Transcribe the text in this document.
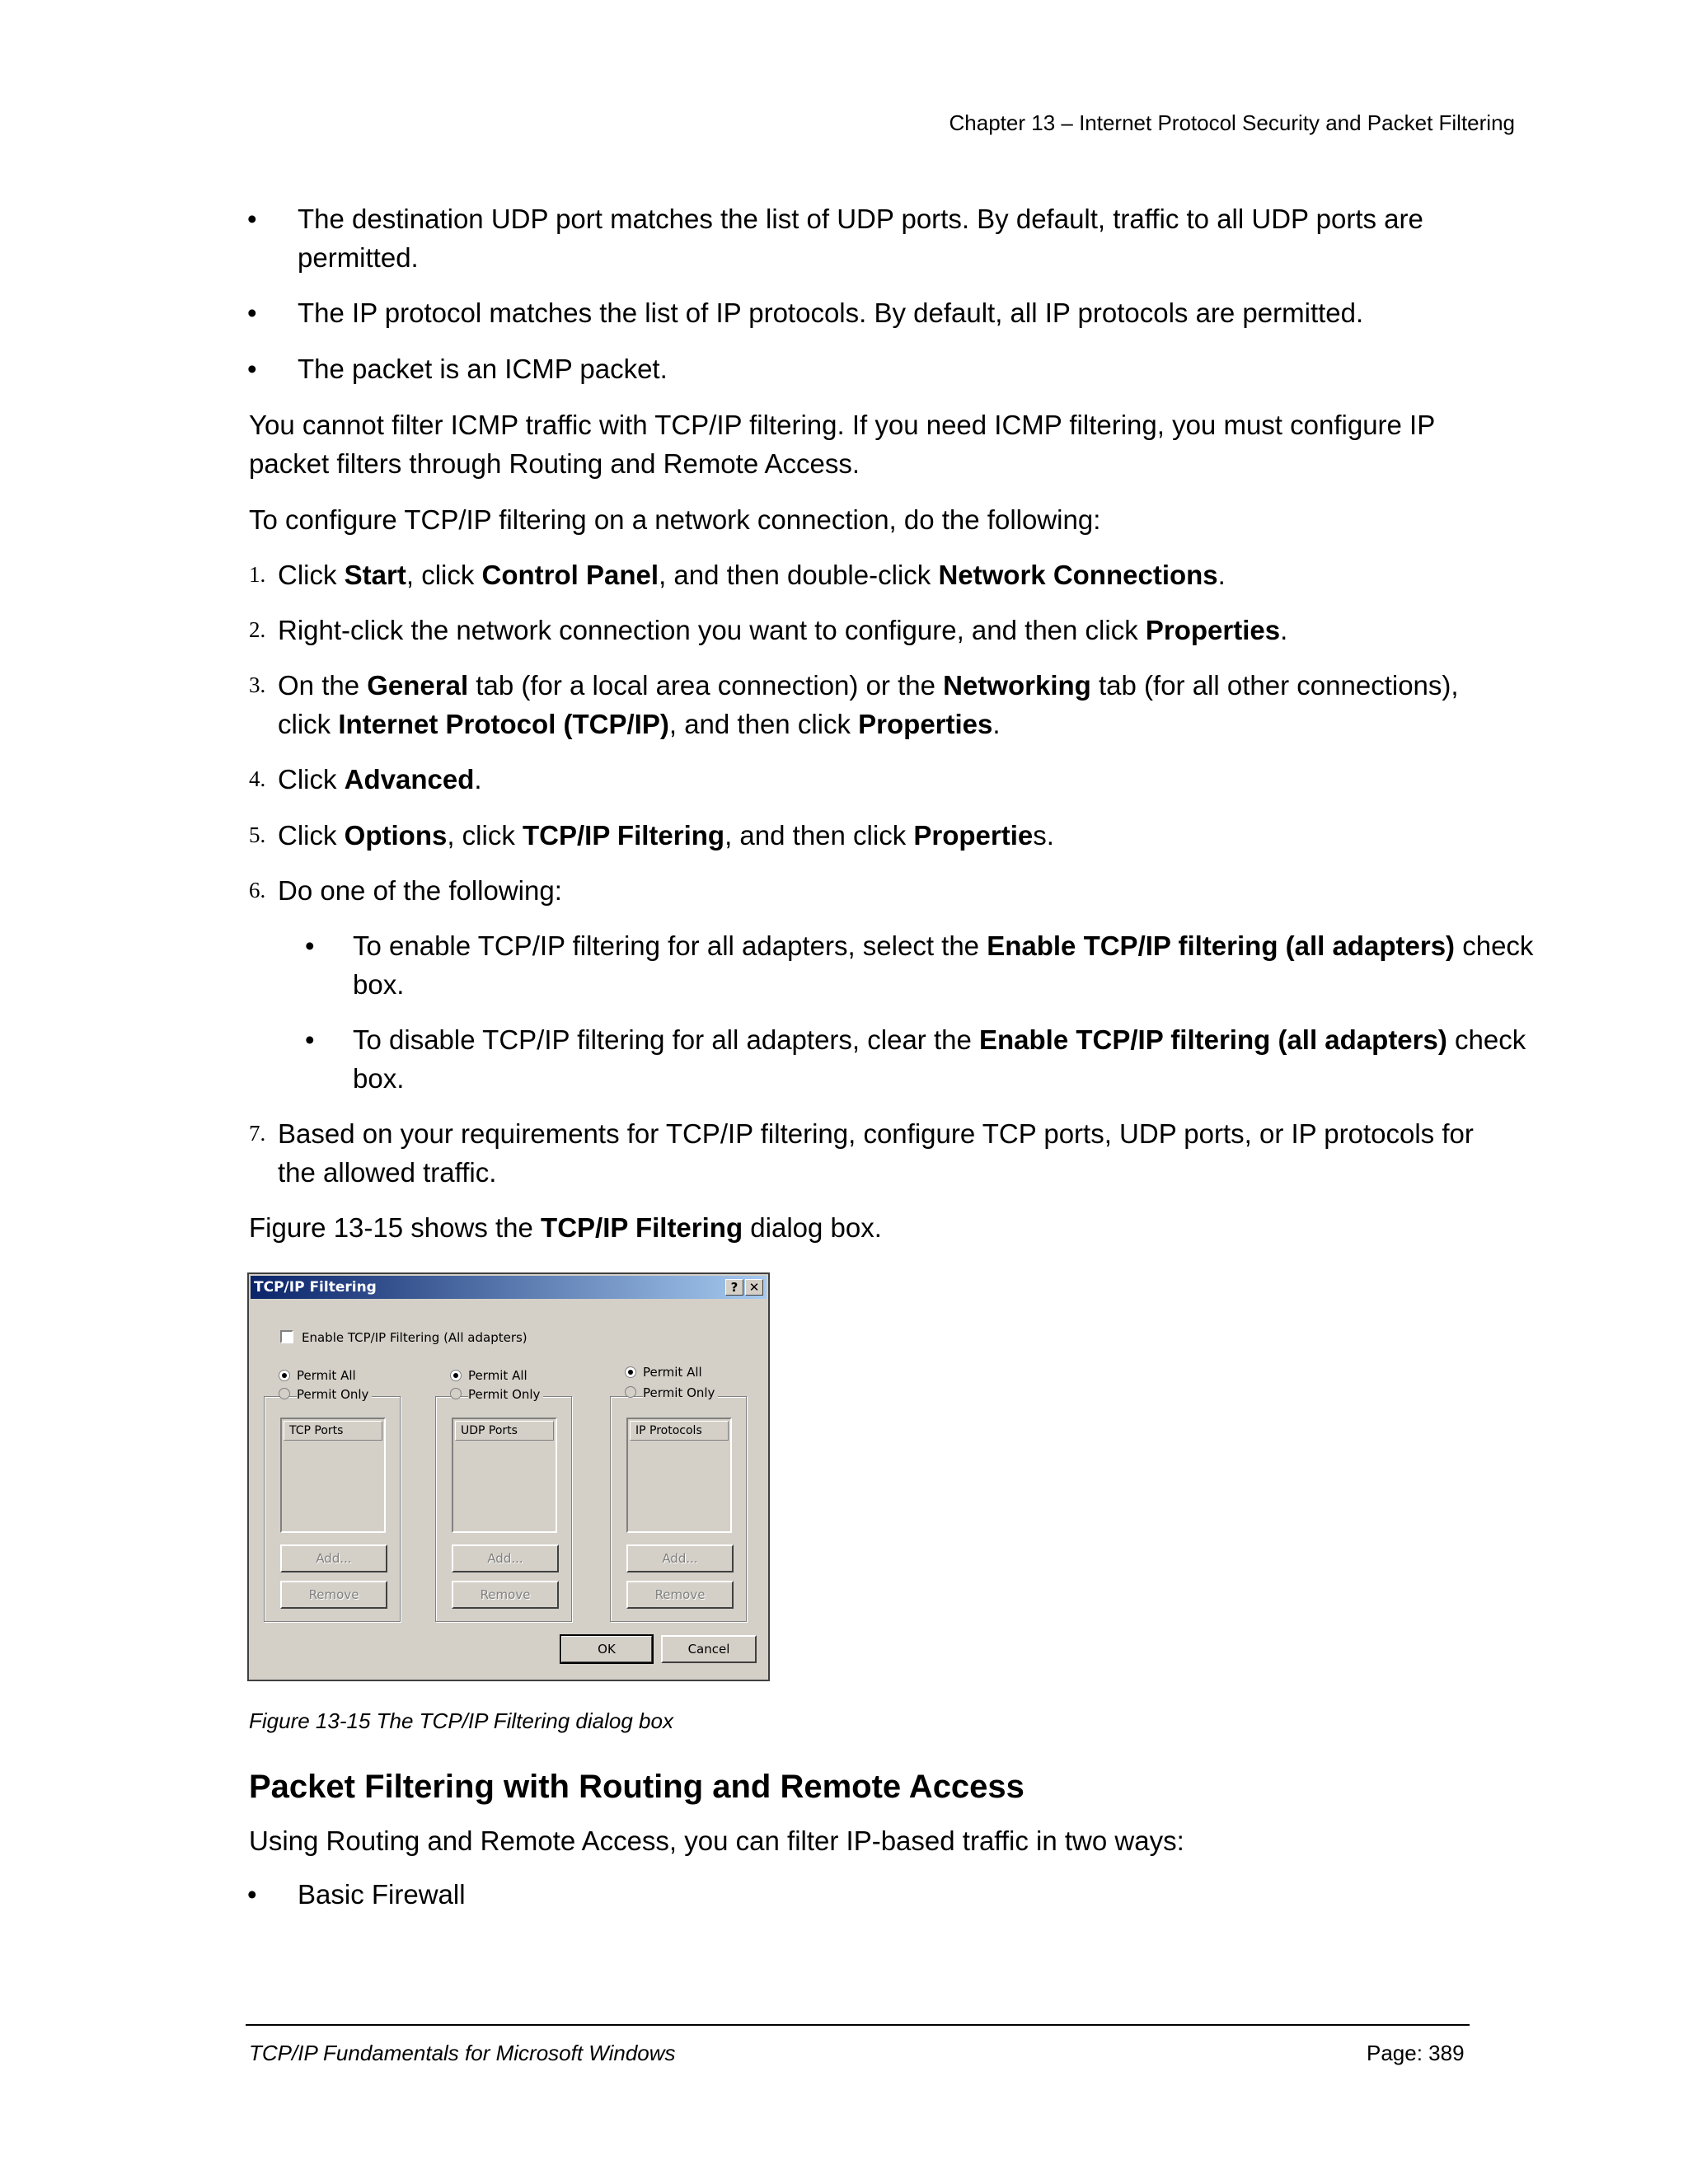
Chapter 13 – Internet Protocol Security and Packet Filtering
• The destination UDP port matches the list of UDP ports. By default, traffic to all UDP ports are
permitted.
• The IP protocol matches the list of IP protocols. By default, all IP protocols are permitted.
• The packet is an ICMP packet.
You cannot filter ICMP traffic with TCP/IP filtering. If you need ICMP filtering, you must configure IP
packet filters through Routing and Remote Access.
To configure TCP/IP filtering on a network connection, do the following:
1. Click Start, click Control Panel, and then double-click Network Connections.
2. Right-click the network connection you want to configure, and then click Properties.
3. On the General tab (for a local area connection) or the Networking tab (for all other connections),
click Internet Protocol (TCP/IP), and then click Properties.
4. Click Advanced.
5. Click Options, click TCP/IP Filtering, and then click Properties.
6. Do one of the following:
• To enable TCP/IP filtering for all adapters, select the Enable TCP/IP filtering (all adapters) check
box.
• To disable TCP/IP filtering for all adapters, clear the Enable TCP/IP filtering (all adapters) check
box.
7. Based on your requirements for TCP/IP filtering, configure TCP ports, UDP ports, or IP protocols for
the allowed traffic.
Figure 13-15 shows the TCP/IP Filtering dialog box.
TCP/IP Filtering	? ✕
Enable TCP/IP Filtering (All adapters)
Permit All
Permit Only
TCP Ports
Add...
Remove
Permit All
Permit Only
UDP Ports
Add...
Remove
Permit All
Permit Only
IP Protocols
Add...
Remove
OK	Cancel
Figure 13-15 The TCP/IP Filtering dialog box
Packet Filtering with Routing and Remote Access
Using Routing and Remote Access, you can filter IP-based traffic in two ways:
• Basic Firewall
TCP/IP Fundamentals for Microsoft Windows	Page: 389
